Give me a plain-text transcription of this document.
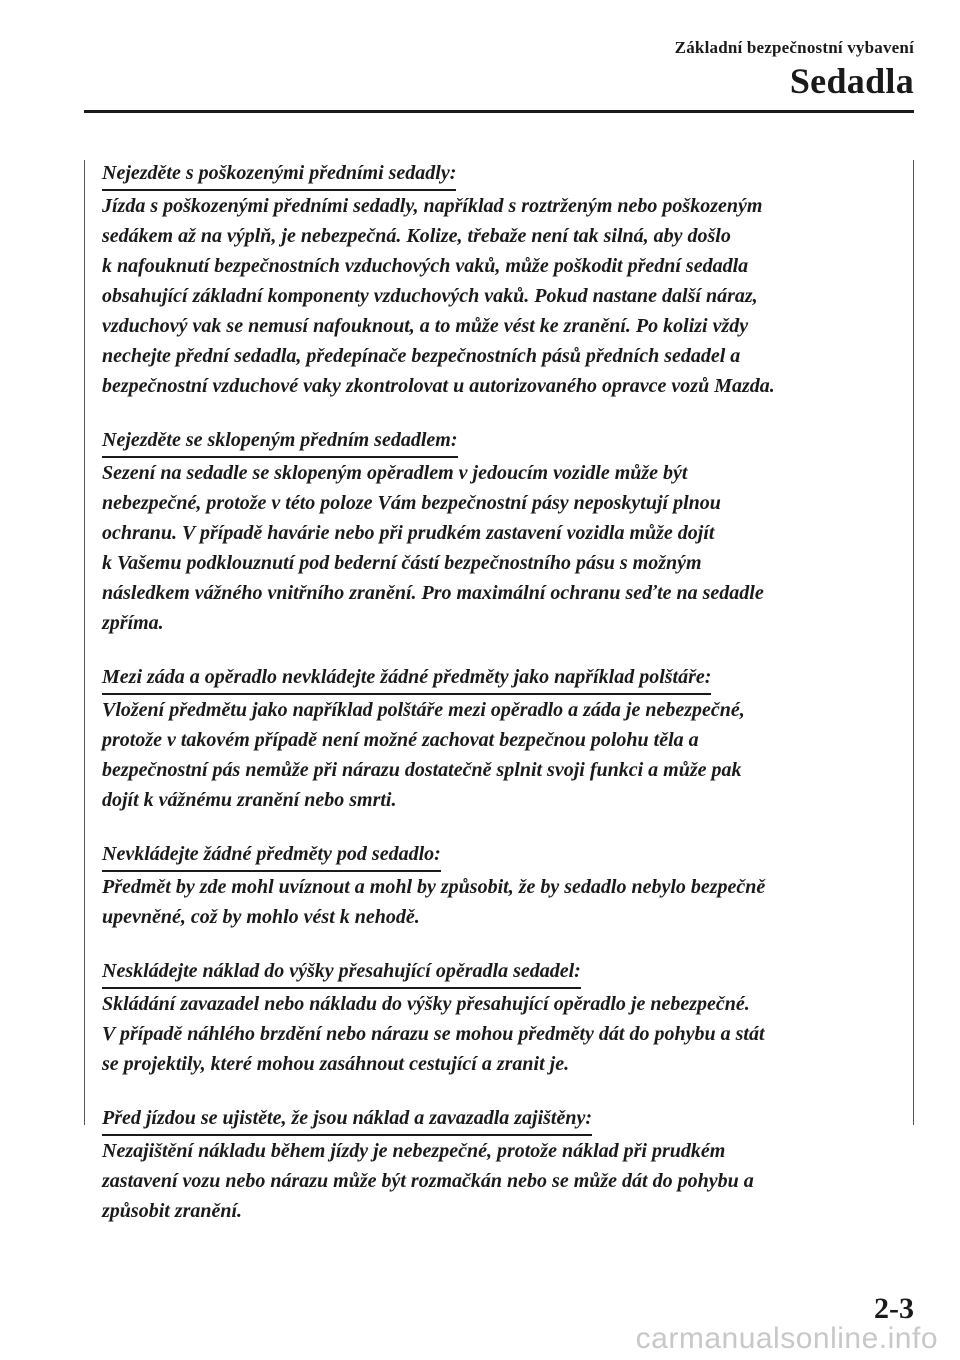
Základní bezpečnostní vybavení
Sedadla
Nejezděte s poškozenými předními sedadly:

Jízda s poškozenými předními sedadly, například s roztrženým nebo poškozeným
sedákem až na výplň, je nebezpečná. Kolize, třebaže není tak silná, aby došlo
k nafouknutí bezpečnostních vzduchových vaků, může poškodit přední sedadla
obsahující základní komponenty vzduchových vaků. Pokud nastane další náraz,
vzduchový vak se nemusí nafouknout, a to může vést ke zranění. Po kolizi vždy
nechejte přední sedadla, předepínače bezpečnostních pásů předních sedadel a
bezpečnostní vzduchové vaky zkontrolovat u autorizovaného opravce vozů Mazda.

Nejezděte se sklopeným předním sedadlem:

Sezení na sedadle se sklopeným opěradlem v jedoucím vozidle může být
nebezpečné, protože v této poloze Vám bezpečnostní pásy neposkytují plnou
ochranu. V případě havárie nebo při prudkém zastavení vozidla může dojít
k Vašemu podklouznutí pod bederní částí bezpečnostního pásu s možným
následkem vážného vnitřního zranění. Pro maximální ochranu seďte na sedadle
zpříma.

Mezi záda a opěradlo nevkládejte žádné předměty jako například polštáře:

Vložení předmětu jako například polštáře mezi opěradlo a záda je nebezpečné,
protože v takovém případě není možné zachovat bezpečnou polohu těla a
bezpečnostní pás nemůže při nárazu dostatečně splnit svoji funkci a může pak
dojít k vážnému zranění nebo smrti.

Nevkládejte žádné předměty pod sedadlo:

Předmět by zde mohl uvíznout a mohl by způsobit, že by sedadlo nebylo bezpečně
upevněné, což by mohlo vést k nehodě.

Neskládejte náklad do výšky přesahující opěradla sedadel:

Skládání zavazadel nebo nákladu do výšky přesahující opěradlo je nebezpečné.
V případě náhlého brzdění nebo nárazu se mohou předměty dát do pohybu a stát
se projektily, které mohou zasáhnout cestující a zranit je.

Před jízdou se ujistěte, že jsou náklad a zavazadla zajištěny:

Nezajištění nákladu během jízdy je nebezpečné, protože náklad při prudkém
zastavení vozu nebo nárazu může být rozmačkán nebo se může dát do pohybu a
způsobit zranění.

2-3
carmanualsonline.info
